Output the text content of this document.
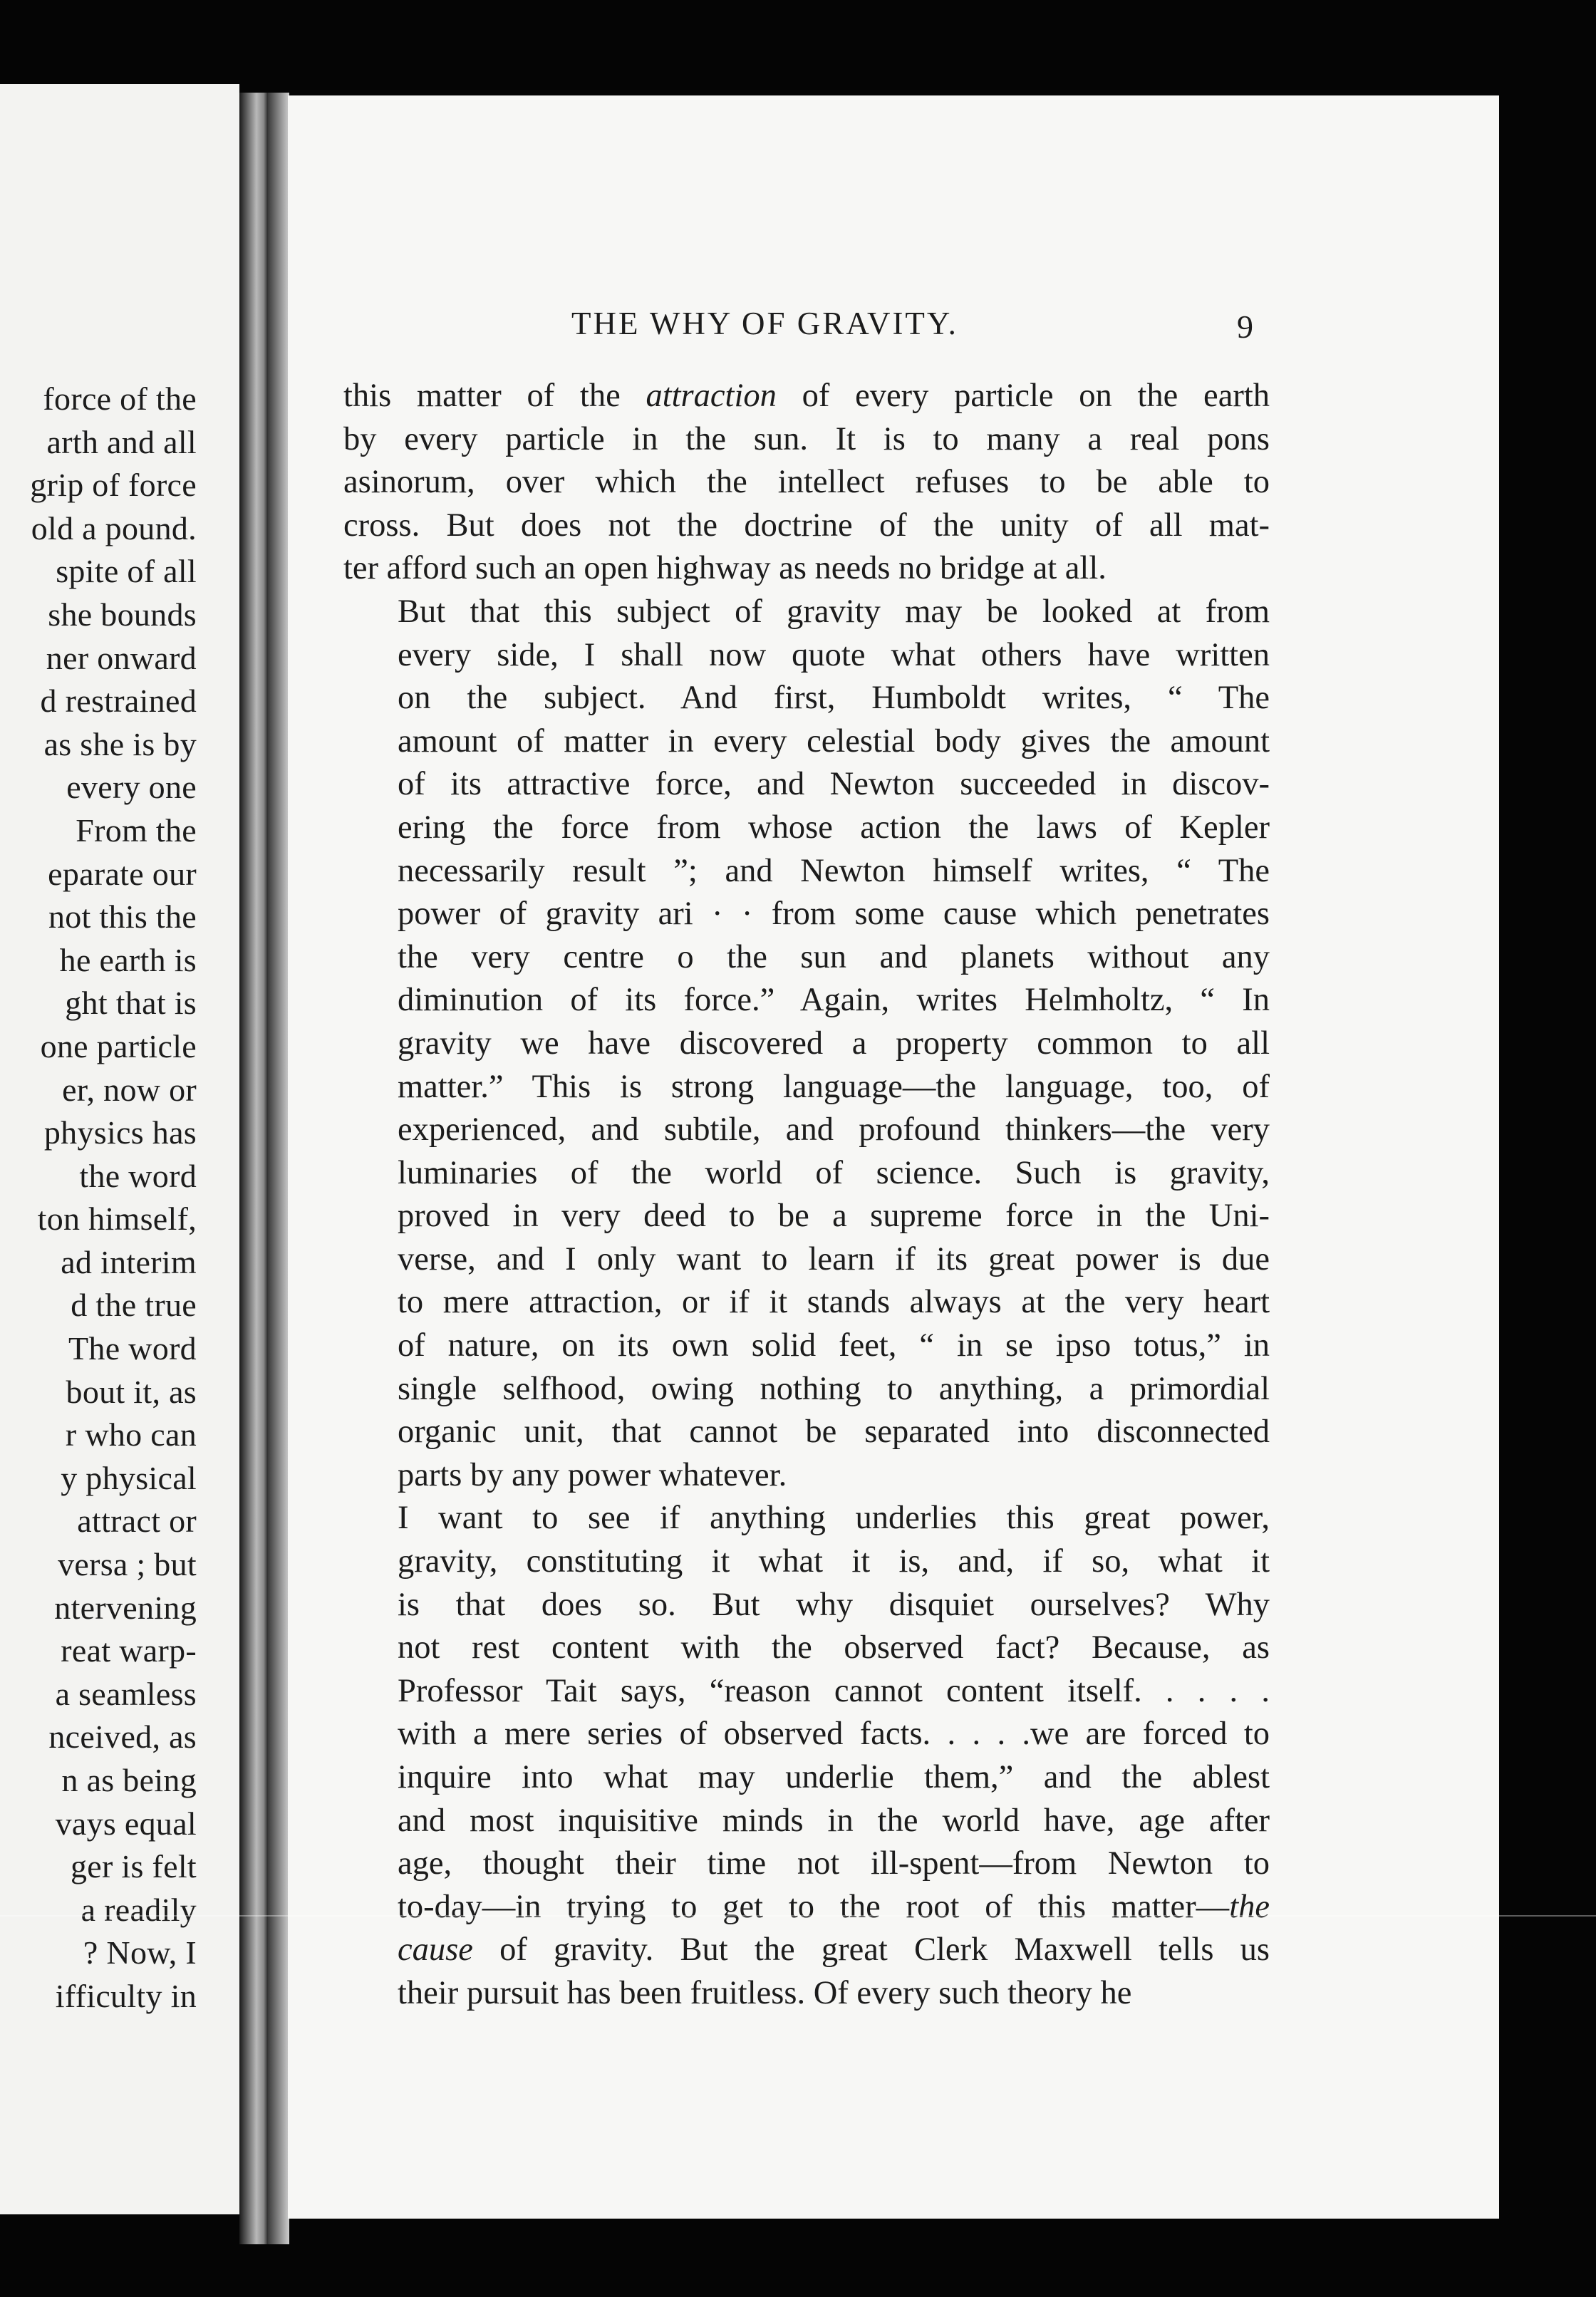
force of the
arth and all
grip of force
old a pound.
spite of all
she bounds
ner onward
d restrained
as she is by
every one
From the
eparate our
not this the
he earth is
ght that is
one particle
er, now or
physics has
the word
ton himself,
ad interim
d the true
The word
bout it, as
r who can
y physical
attract or
versa ; but
ntervening
reat warp-
a seamless
nceived, as
n as being
vays equal
ger is felt
a readily
? Now, I
ifficulty in
THE WHY OF GRAVITY.	9

this matter of the attraction of every particle on the earth
by every particle in the sun. It is to many a real pons
asinorum, over which the intellect refuses to be able to
cross. But does not the doctrine of the unity of all mat-
ter afford such an open highway as needs no bridge at all.

But that this subject of gravity may be looked at from
every side, I shall now quote what others have written
on the subject. And first, Humboldt writes, “ The
amount of matter in every celestial body gives the amount
of its attractive force, and Newton succeeded in discov-
ering the force from whose action the laws of Kepler
necessarily result ”; and Newton himself writes, “ The
power of gravity ari · · from some cause which penetrates
the very centre o the sun and planets without any
diminution of its force.” Again, writes Helmholtz, “ In
gravity we have discovered a property common to all
matter.” This is strong language—the language, too, of
experienced, and subtile, and profound thinkers—the very
luminaries of the world of science. Such is gravity,
proved in very deed to be a supreme force in the Uni-
verse, and I only want to learn if its great power is due
to mere attraction, or if it stands always at the very heart
of nature, on its own solid feet, “ in se ipso totus,” in
single selfhood, owing nothing to anything, a primordial
organic unit, that cannot be separated into disconnected
parts by any power whatever.

I want to see if anything underlies this great power,
gravity, constituting it what it is, and, if so, what it
is that does so. But why disquiet ourselves? Why
not rest content with the observed fact? Because, as
Professor Tait says, “reason cannot content itself. . . . .
with a mere series of observed facts. . . . .we are forced to
inquire into what may underlie them,” and the ablest
and most inquisitive minds in the world have, age after
age, thought their time not ill-spent—from Newton to
to-day—in trying to get to the root of this matter—the
cause of gravity. But the great Clerk Maxwell tells us
their pursuit has been fruitless. Of every such theory he
